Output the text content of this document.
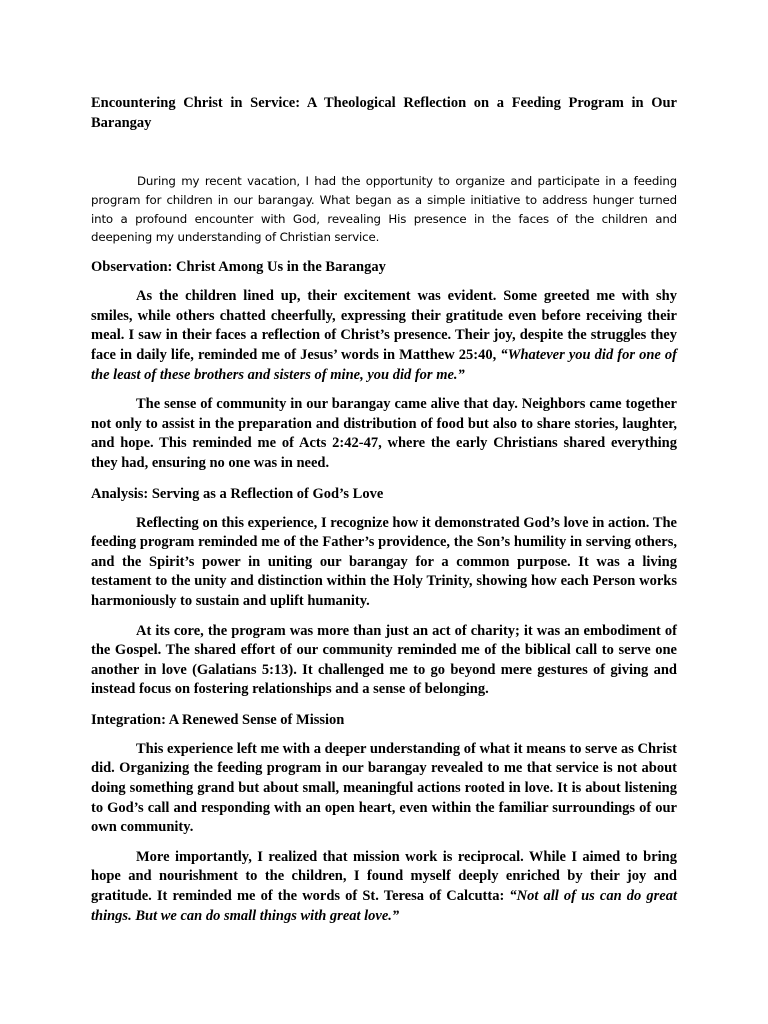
Encountering Christ in Service: A Theological Reflection on a Feeding Program in Our Barangay

During my recent vacation, I had the opportunity to organize and participate in a feeding program for children in our barangay. What began as a simple initiative to address hunger turned into a profound encounter with God, revealing His presence in the faces of the children and deepening my understanding of Christian service.

Observation: Christ Among Us in the Barangay

As the children lined up, their excitement was evident. Some greeted me with shy smiles, while others chatted cheerfully, expressing their gratitude even before receiving their meal. I saw in their faces a reflection of Christ’s presence. Their joy, despite the struggles they face in daily life, reminded me of Jesus’ words in Matthew 25:40, “Whatever you did for one of the least of these brothers and sisters of mine, you did for me.”

The sense of community in our barangay came alive that day. Neighbors came together not only to assist in the preparation and distribution of food but also to share stories, laughter, and hope. This reminded me of Acts 2:42-47, where the early Christians shared everything they had, ensuring no one was in need.

Analysis: Serving as a Reflection of God’s Love

Reflecting on this experience, I recognize how it demonstrated God’s love in action. The feeding program reminded me of the Father’s providence, the Son’s humility in serving others, and the Spirit’s power in uniting our barangay for a common purpose. It was a living testament to the unity and distinction within the Holy Trinity, showing how each Person works harmoniously to sustain and uplift humanity.

At its core, the program was more than just an act of charity; it was an embodiment of the Gospel. The shared effort of our community reminded me of the biblical call to serve one another in love (Galatians 5:13). It challenged me to go beyond mere gestures of giving and instead focus on fostering relationships and a sense of belonging.

Integration: A Renewed Sense of Mission

This experience left me with a deeper understanding of what it means to serve as Christ did. Organizing the feeding program in our barangay revealed to me that service is not about doing something grand but about small, meaningful actions rooted in love. It is about listening to God’s call and responding with an open heart, even within the familiar surroundings of our own community.

More importantly, I realized that mission work is reciprocal. While I aimed to bring hope and nourishment to the children, I found myself deeply enriched by their joy and gratitude. It reminded me of the words of St. Teresa of Calcutta: “Not all of us can do great things. But we can do small things with great love.”
